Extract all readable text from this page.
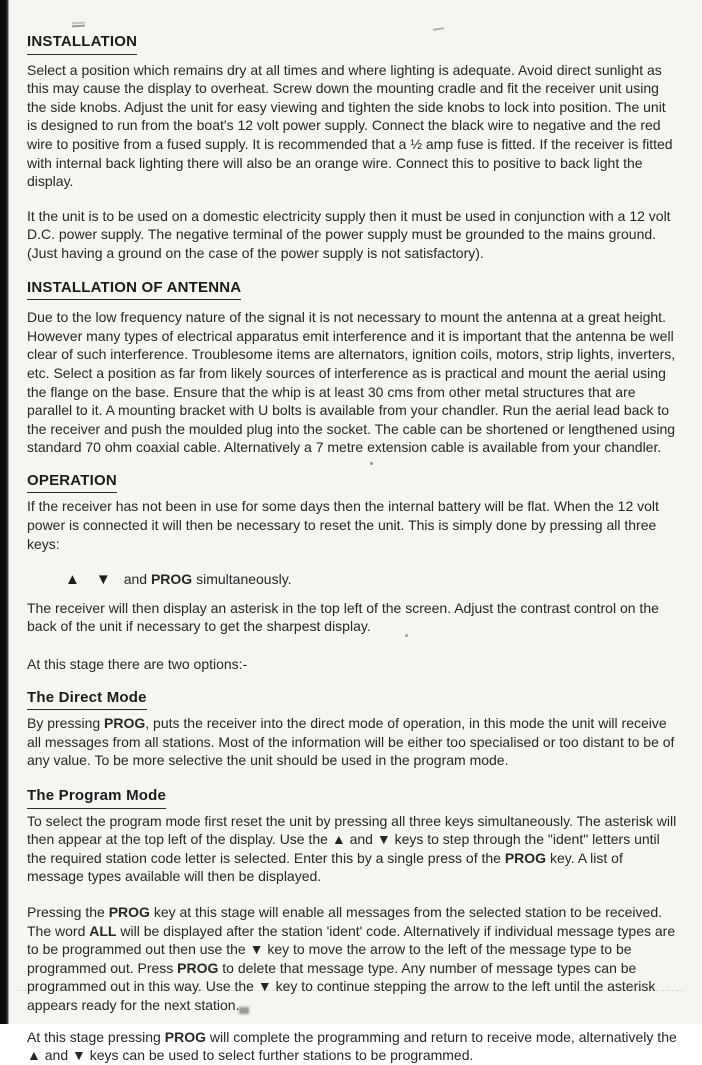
INSTALLATION

Select a position which remains dry at all times and where lighting is adequate. Avoid direct sunlight as this may cause the display to overheat. Screw down the mounting cradle and fit the receiver unit using the side knobs. Adjust the unit for easy viewing and tighten the side knobs to lock into position. The unit is designed to run from the boat's 12 volt power supply. Connect the black wire to negative and the red wire to positive from a fused supply. It is recommended that a ½ amp fuse is fitted. If the receiver is fitted with internal back lighting there will also be an orange wire. Connect this to positive to back light the display.

It the unit is to be used on a domestic electricity supply then it must be used in conjunction with a 12 volt D.C. power supply. The negative terminal of the power supply must be grounded to the mains ground. (Just having a ground on the case of the power supply is not satisfactory).

INSTALLATION OF ANTENNA

Due to the low frequency nature of the signal it is not necessary to mount the antenna at a great height. However many types of electrical apparatus emit interference and it is important that the antenna be well clear of such interference. Troublesome items are alternators, ignition coils, motors, strip lights, inverters, etc. Select a position as far from likely sources of interference as is practical and mount the aerial using the flange on the base. Ensure that the whip is at least 30 cms from other metal structures that are parallel to it. A mounting bracket with U bolts is available from your chandler. Run the aerial lead back to the receiver and push the moulded plug into the socket. The cable can be shortened or lengthened using standard 70 ohm coaxial cable. Alternatively a 7 metre extension cable is available from your chandler.

OPERATION

If the receiver has not been in use for some days then the internal battery will be flat. When the 12 volt power is connected it will then be necessary to reset the unit. This is simply done by pressing all three keys:

▲ ▼ and PROG simultaneously.

The receiver will then display an asterisk in the top left of the screen. Adjust the contrast control on the back of the unit if necessary to get the sharpest display.

At this stage there are two options:-

The Direct Mode

By pressing PROG, puts the receiver into the direct mode of operation, in this mode the unit will receive all messages from all stations. Most of the information will be either too specialised or too distant to be of any value. To be more selective the unit should be used in the program mode.

The Program Mode

To select the program mode first reset the unit by pressing all three keys simultaneously. The asterisk will then appear at the top left of the display. Use the ▲ and ▼ keys to step through the "ident" letters until the required station code letter is selected. Enter this by a single press of the PROG key. A list of message types available will then be displayed.

Pressing the PROG key at this stage will enable all messages from the selected station to be received. The word ALL will be displayed after the station 'ident' code. Alternatively if individual message types are to be programmed out then use the ▼ key to move the arrow to the left of the message type to be programmed out. Press PROG to delete that message type. Any number of message types can be programmed out in this way. Use the ▼ key to continue stepping the arrow to the left until the asterisk appears ready for the next station.

At this stage pressing PROG will complete the programming and return to receive mode, alternatively the ▲ and ▼ keys can be used to select further stations to be programmed.
